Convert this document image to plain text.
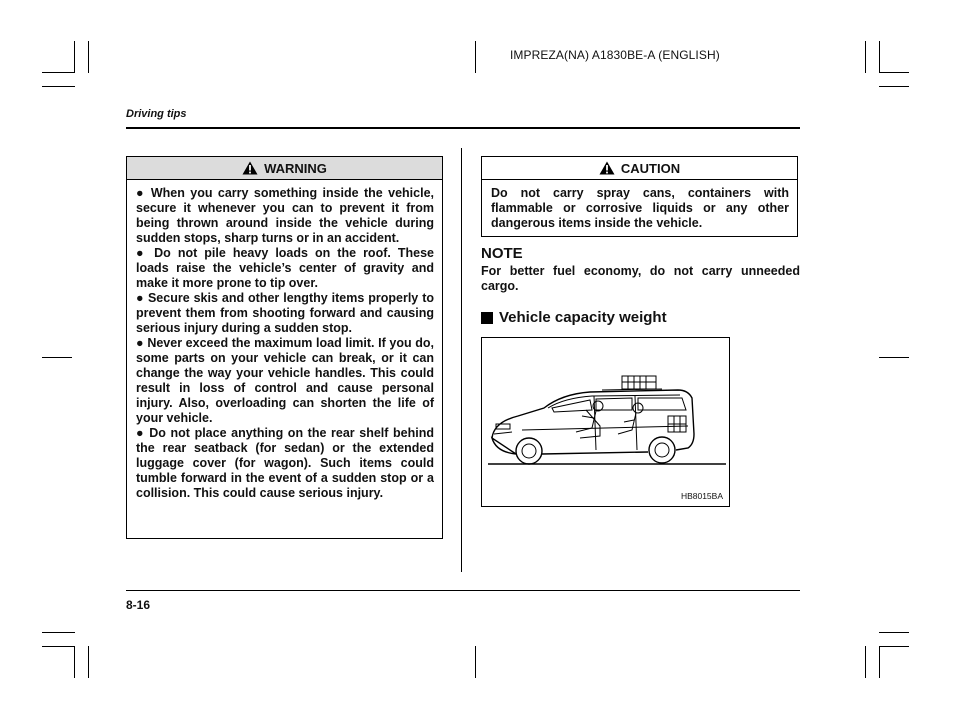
IMPREZA(NA) A1830BE-A (ENGLISH)
Driving tips
WARNING

● When you carry something inside the vehicle, secure it whenever you can to prevent it from being thrown around inside the vehicle during sudden stops, sharp turns or in an accident.

● Do not pile heavy loads on the roof. These loads raise the vehicle’s center of gravity and make it more prone to tip over.

● Secure skis and other lengthy items properly to prevent them from shooting forward and causing serious injury during a sudden stop.

● Never exceed the maximum load limit. If you do, some parts on your vehicle can break, or it can change the way your vehicle handles. This could result in loss of control and cause personal injury. Also, overloading can shorten the life of your vehicle.

● Do not place anything on the rear shelf behind the rear seatback (for sedan) or the extended luggage cover (for wagon). Such items could tumble forward in the event of a sudden stop or a collision. This could cause serious injury.

CAUTION
Do not carry spray cans, containers with flammable or corrosive liquids or any other dangerous items inside the vehicle.
NOTE
For better fuel economy, do not carry unneeded cargo.
Vehicle capacity weight
HB8015BA
8-16
